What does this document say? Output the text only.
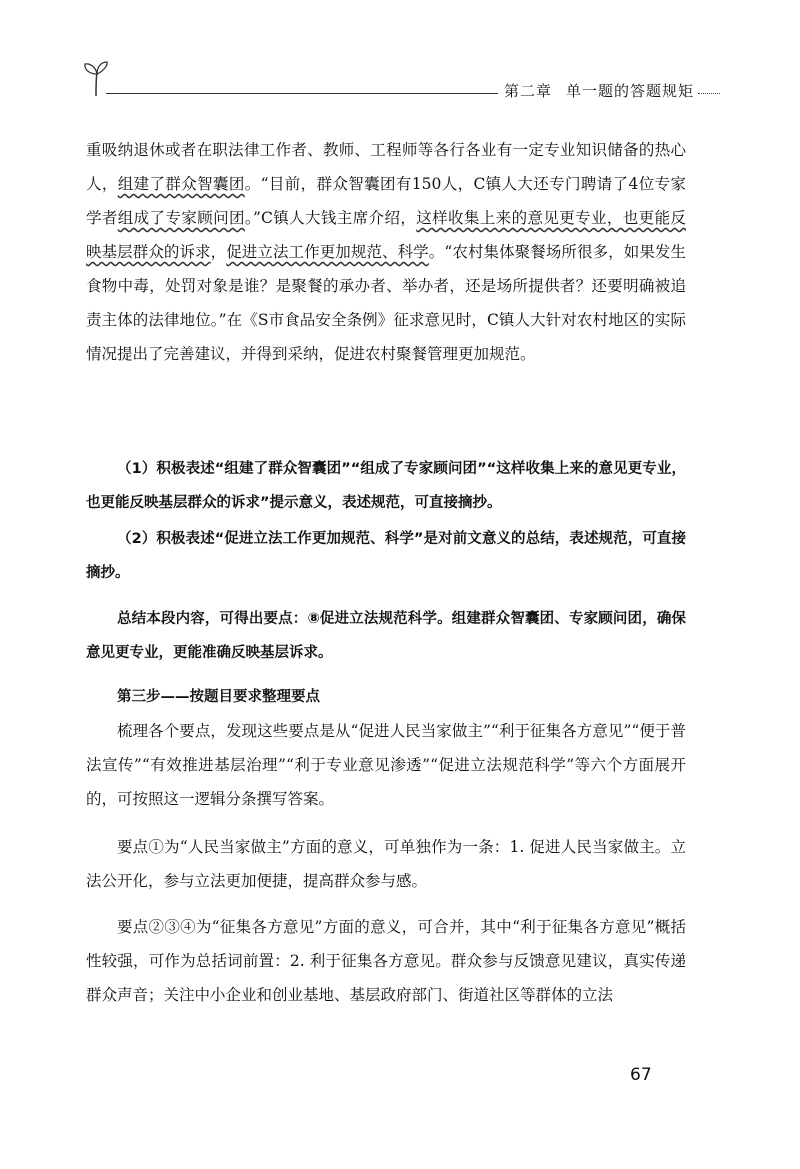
第二章 单一题的答题规矩

重吸纳退休或者在职法律工作者、教师、工程师等各行各业有一定专业知识储备的热心人，组建了群众智囊团。“目前，群众智囊团有150人，C镇人大还专门聘请了4位专家学者组成了专家顾问团。”C镇人大钱主席介绍，这样收集上来的意见更专业，也更能反映基层群众的诉求，促进立法工作更加规范、科学。“农村集体聚餐场所很多，如果发生食物中毒，处罚对象是谁？是聚餐的承办者、举办者，还是场所提供者？还要明确被追责主体的法律地位。”在《S市食品安全条例》征求意见时，C镇人大针对农村地区的实际情况提出了完善建议，并得到采纳，促进农村聚餐管理更加规范。

（1）积极表述“组建了群众智囊团”“组成了专家顾问团”“这样收集上来的意见更专业，也更能反映基层群众的诉求”提示意义，表述规范，可直接摘抄。

（2）积极表述“促进立法工作更加规范、科学”是对前文意义的总结，表述规范，可直接摘抄。

总结本段内容，可得出要点：⑧促进立法规范科学。组建群众智囊团、专家顾问团，确保意见更专业，更能准确反映基层诉求。

第三步——按题目要求整理要点

梳理各个要点，发现这些要点是从“促进人民当家做主”“利于征集各方意见”“便于普法宣传”“有效推进基层治理”“利于专业意见渗透”“促进立法规范科学”等六个方面展开的，可按照这一逻辑分条撰写答案。

要点①为“人民当家做主”方面的意义，可单独作为一条：1. 促进人民当家做主。立法公开化，参与立法更加便捷，提高群众参与感。

要点②③④为“征集各方意见”方面的意义，可合并，其中“利于征集各方意见”概括性较强，可作为总括词前置：2. 利于征集各方意见。群众参与反馈意见建议，真实传递群众声音；关注中小企业和创业基地、基层政府部门、街道社区等群体的立法

67
